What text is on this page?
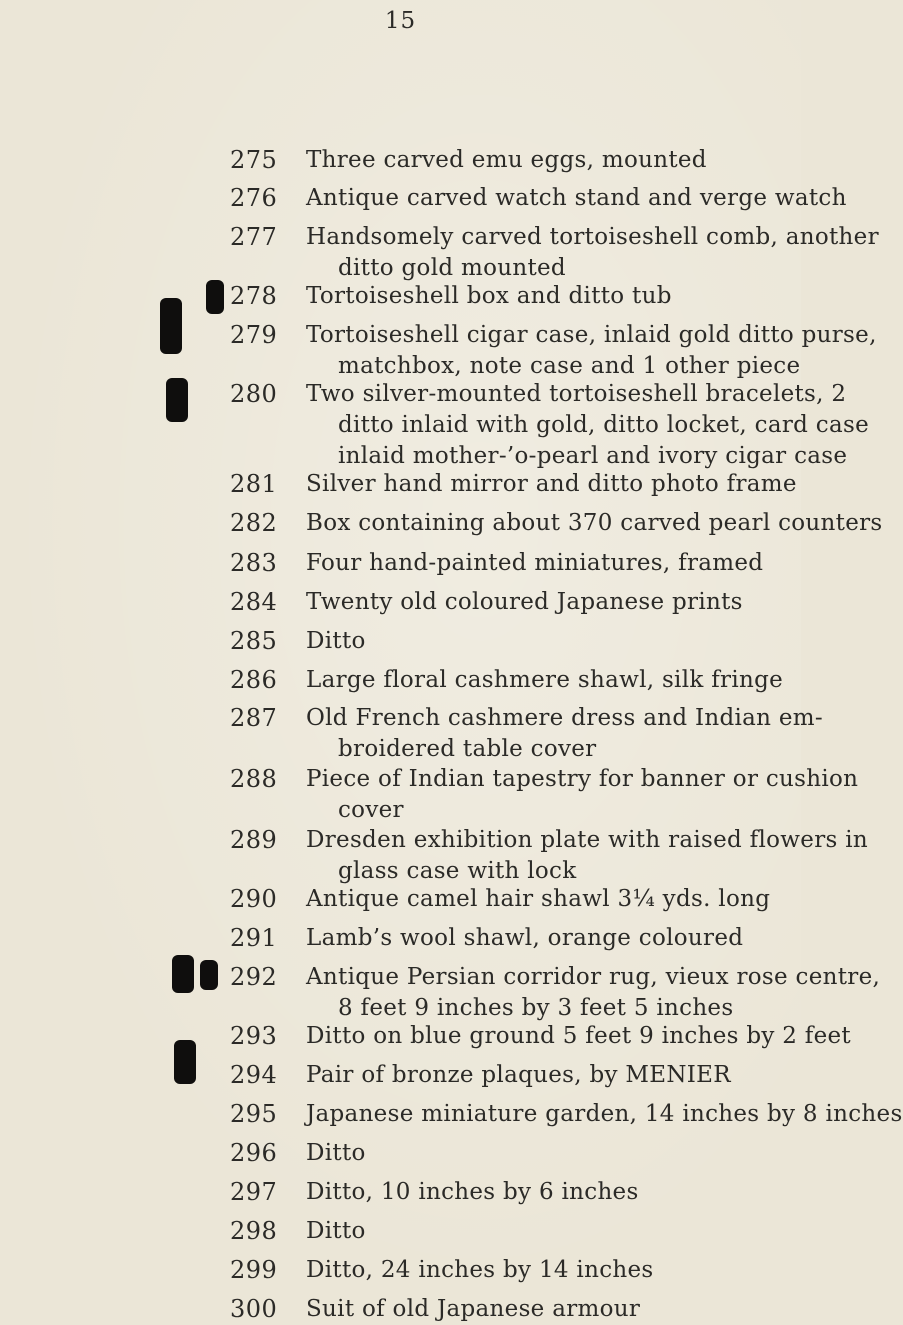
15
275	Three carved emu eggs, mounted
276	Antique carved watch stand and verge watch
277	Handsomely carved tortoiseshell comb, another
ditto gold mounted
278	Tortoiseshell box and ditto tub
279	Tortoiseshell cigar case, inlaid gold ditto purse,
matchbox, note case and 1 other piece
280	Two silver-mounted tortoiseshell bracelets, 2
ditto inlaid with gold, ditto locket, card case
inlaid mother-’o-pearl and ivory cigar case
281	Silver hand mirror and ditto photo frame
282	Box containing about 370 carved pearl counters
283	Four hand-painted miniatures, framed
284	Twenty old coloured Japanese prints
285	Ditto
286	Large floral cashmere shawl, silk fringe
287	Old French cashmere dress and Indian em-
broidered table cover
288	Piece of Indian tapestry for banner or cushion
cover
289	Dresden exhibition plate with raised flowers in
glass case with lock
290	Antique camel hair shawl 3¼ yds. long
291	Lamb’s wool shawl, orange coloured
292	Antique Persian corridor rug, vieux rose centre,
8 feet 9 inches by 3 feet 5 inches
293	Ditto on blue ground 5 feet 9 inches by 2 feet
294	Pair of bronze plaques, by MENIER
295	Japanese miniature garden, 14 inches by 8 inches
296	Ditto
297	Ditto, 10 inches by 6 inches
298	Ditto
299	Ditto, 24 inches by 14 inches
300	Suit of old Japanese armour
